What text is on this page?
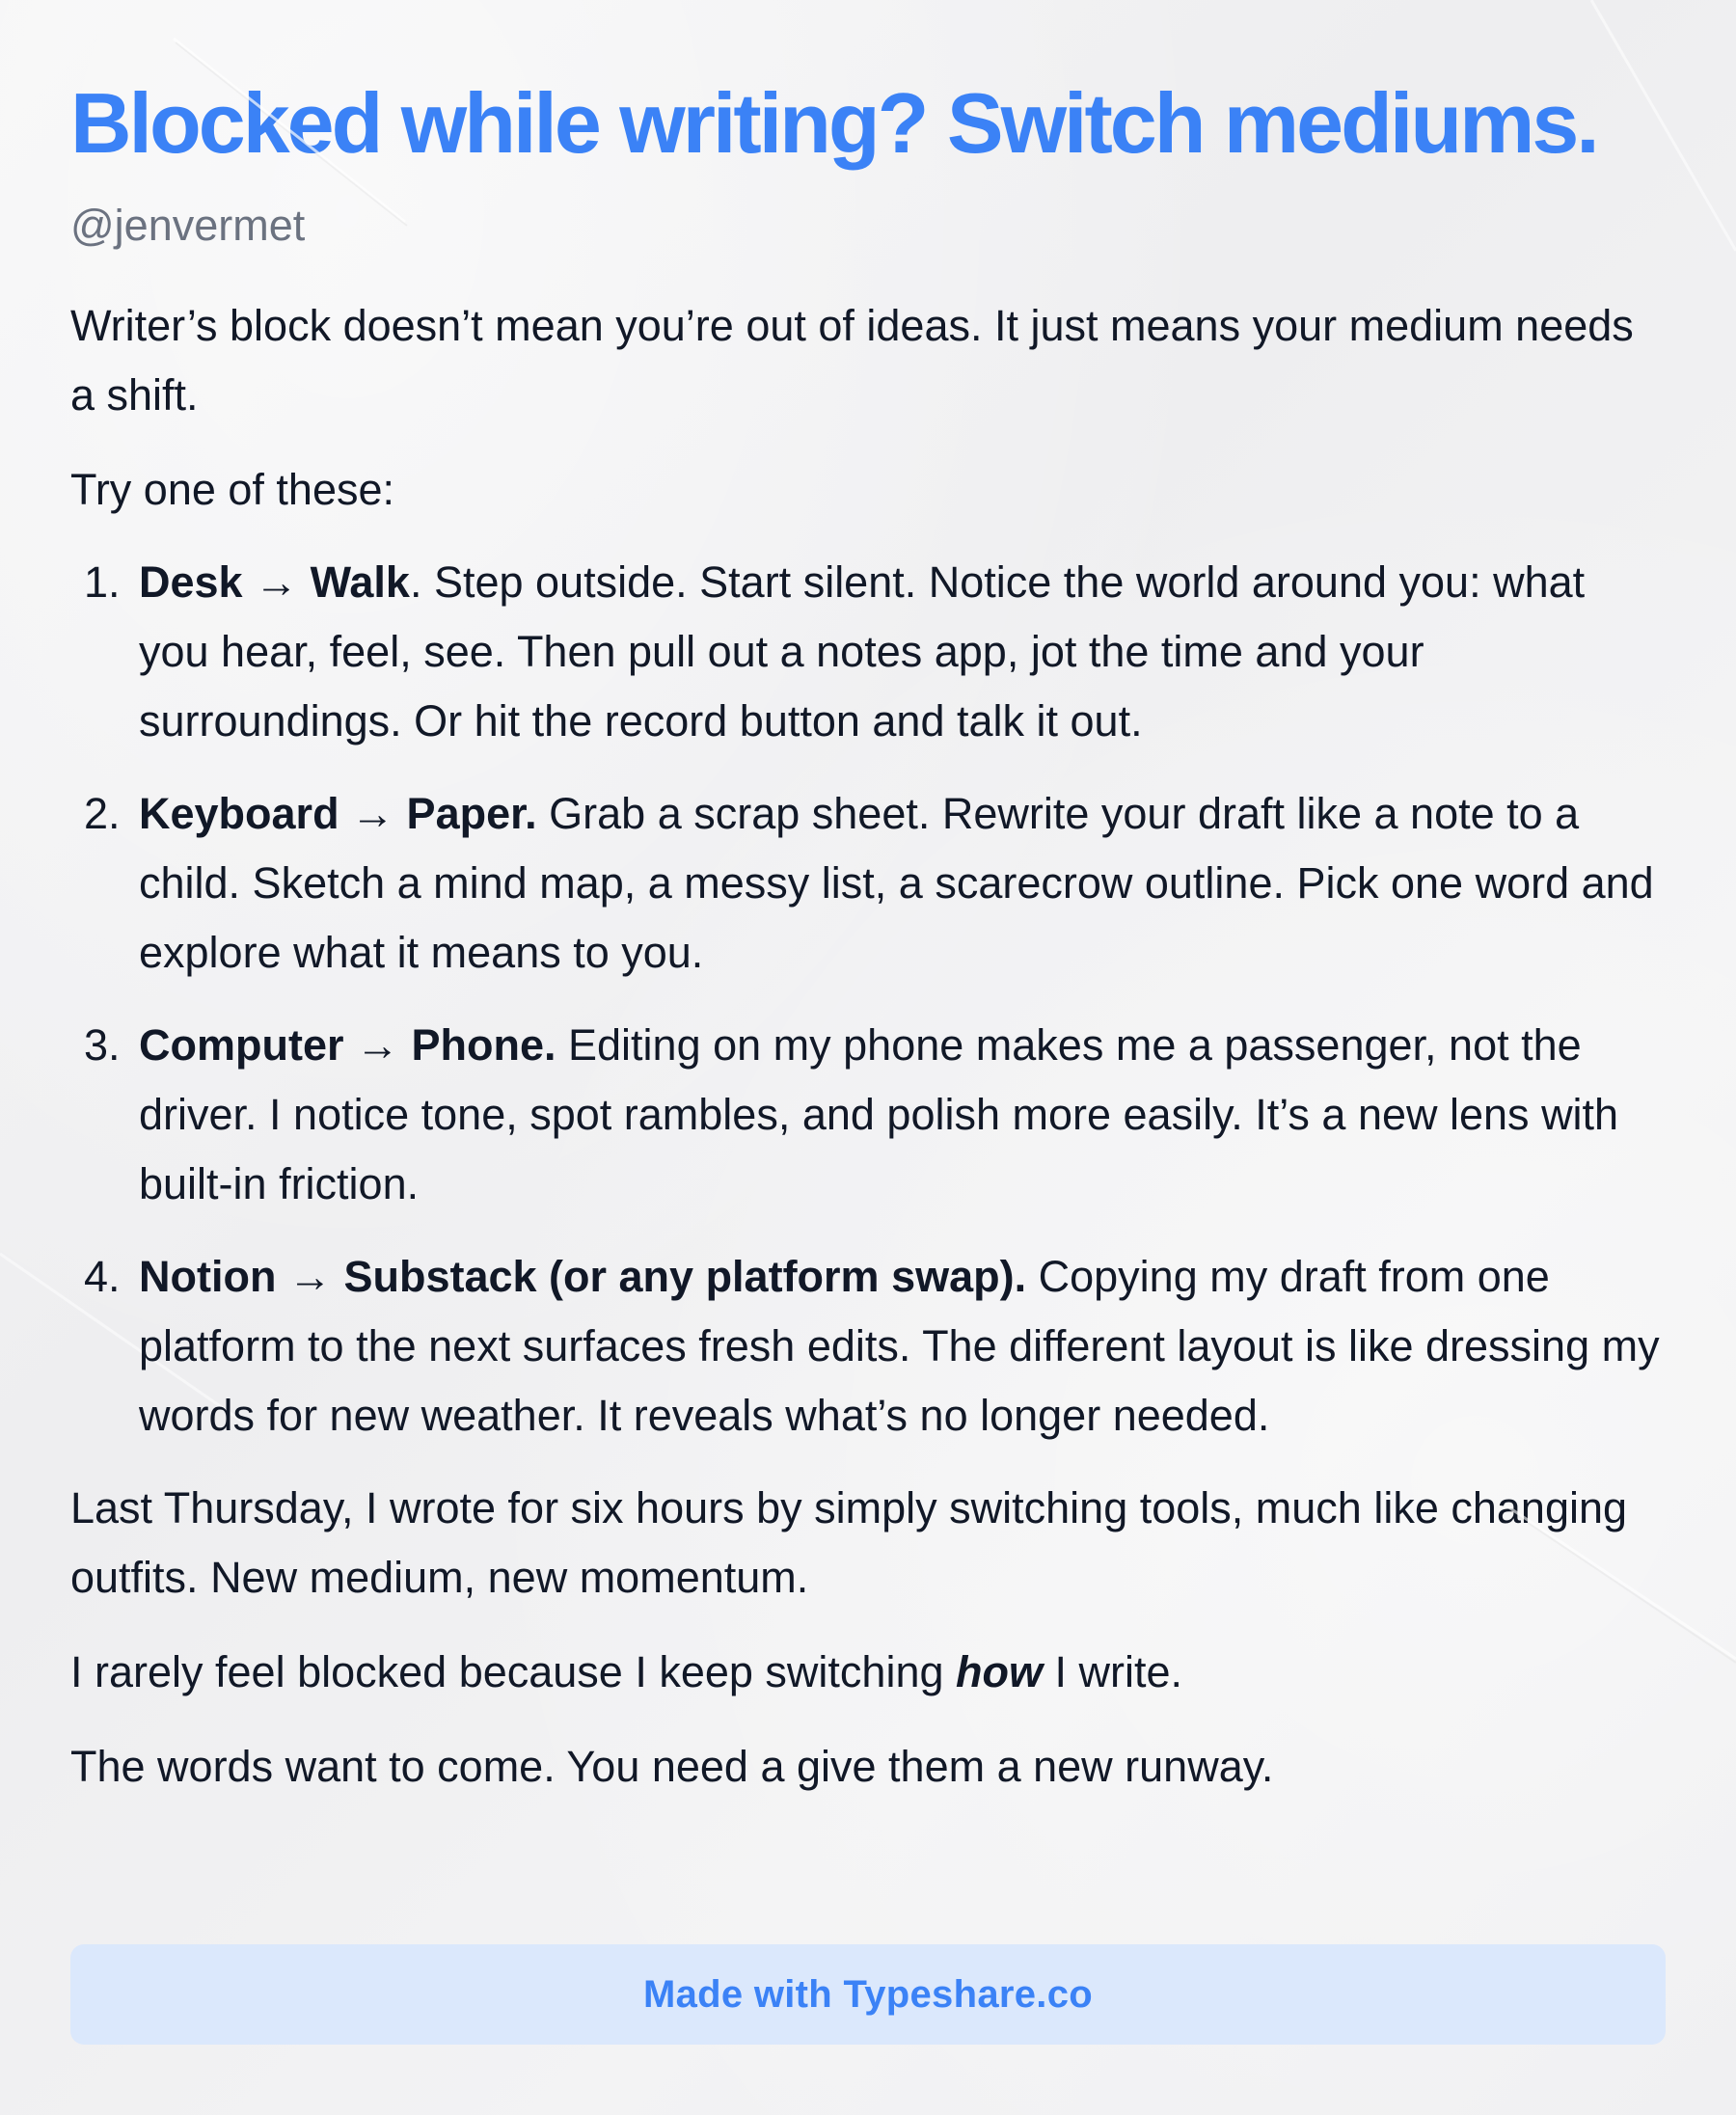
Blocked while writing? Switch mediums.
@jenvermet

Writer’s block doesn’t mean you’re out of ideas. It just means your medium needs a shift.

Try one of these:

1. Desk → Walk. Step outside. Start silent. Notice the world around you: what you hear, feel, see. Then pull out a notes app, jot the time and your surroundings. Or hit the record button and talk it out.
2. Keyboard → Paper. Grab a scrap sheet. Rewrite your draft like a note to a child. Sketch a mind map, a messy list, a scarecrow outline. Pick one word and explore what it means to you.
3. Computer → Phone. Editing on my phone makes me a passenger, not the driver. I notice tone, spot rambles, and polish more easily. It’s a new lens with built-in friction.
4. Notion → Substack (or any platform swap). Copying my draft from one platform to the next surfaces fresh edits. The different layout is like dressing my words for new weather. It reveals what’s no longer needed.

Last Thursday, I wrote for six hours by simply switching tools, much like changing outfits. New medium, new momentum.

I rarely feel blocked because I keep switching how I write.

The words want to come. You need a give them a new runway.

Made with Typeshare.co
